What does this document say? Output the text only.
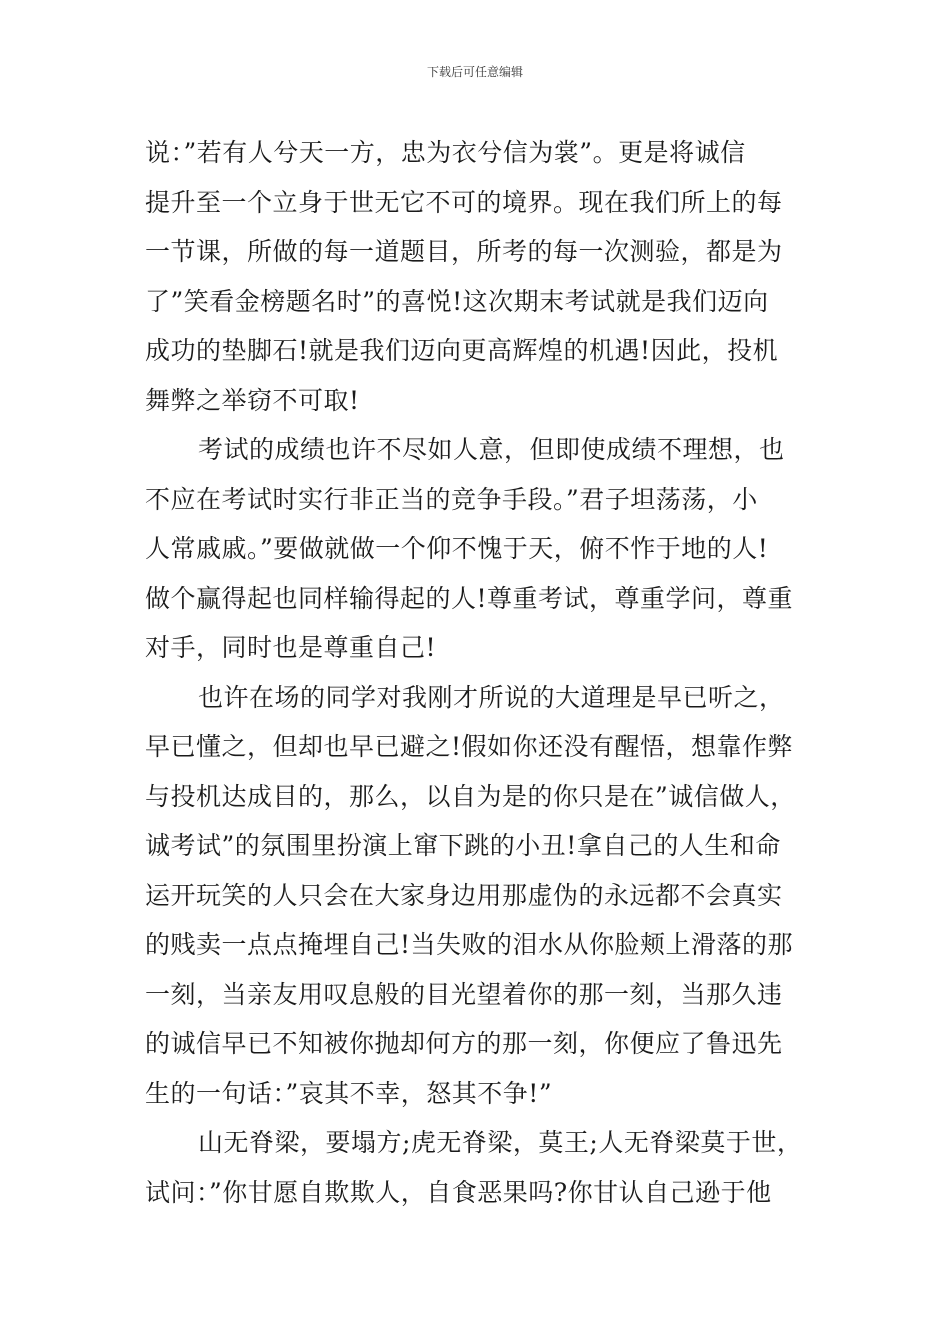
下载后可任意编辑
说：”若有人兮天一方，忠为衣兮信为裳”。更是将诚信
提升至一个立身于世无它不可的境界。现在我们所上的每
一节课，所做的每一道题目，所考的每一次测验，都是为
了”笑看金榜题名时”的喜悦!这次期末考试就是我们迈向
成功的垫脚石!就是我们迈向更高辉煌的机遇!因此，投机
舞弊之举窃不可取!
考试的成绩也许不尽如人意，但即使成绩不理想，也
不应在考试时实行非正当的竞争手段。”君子坦荡荡，小
人常戚戚。”要做就做一个仰不愧于天，俯不怍于地的人!
做个赢得起也同样输得起的人!尊重考试，尊重学问，尊重
对手，同时也是尊重自己!
也许在场的同学对我刚才所说的大道理是早已听之，
早已懂之，但却也早已避之!假如你还没有醒悟，想靠作弊
与投机达成目的，那么，以自为是的你只是在”诚信做人，
诚考试”的氛围里扮演上窜下跳的小丑!拿自己的人生和命
运开玩笑的人只会在大家身边用那虚伪的永远都不会真实
的贱卖一点点掩埋自己!当失败的泪水从你脸颊上滑落的那
一刻，当亲友用叹息般的目光望着你的那一刻，当那久违
的诚信早已不知被你抛却何方的那一刻，你便应了鲁迅先
生的一句话：”哀其不幸，怒其不争!”
山无脊梁，要塌方;虎无脊梁，莫王;人无脊梁莫于世，
试问：”你甘愿自欺欺人，自食恶果吗?你甘认自己逊于他
